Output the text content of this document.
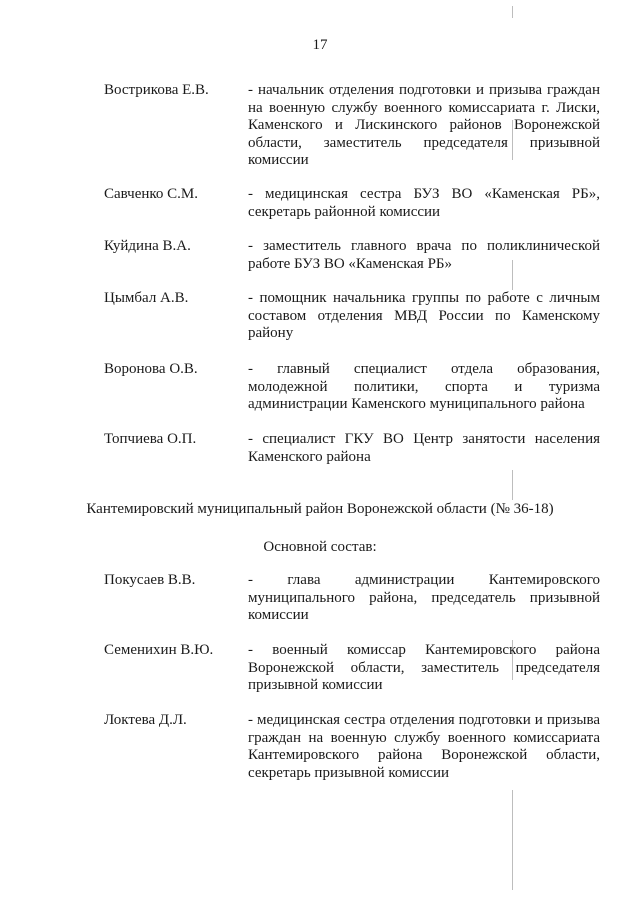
17
Вострикова Е.В.	- начальник отделения подготовки и призыва граждан на военную службу военного комиссариата г. Лиски, Каменского и Лискинского районов Воронежской области, заместитель председателя призывной комиссии
Савченко С.М.	- медицинская сестра БУЗ ВО «Каменская РБ», секретарь районной комиссии
Куйдина В.А.	- заместитель главного врача по поликлинической работе БУЗ ВО «Каменская РБ»
Цымбал А.В.	- помощник начальника группы по работе с личным составом отделения МВД России по Каменскому району
Воронова О.В.	- главный специалист отдела образования, молодежной политики, спорта и туризма администрации Каменского муниципального района
Топчиева О.П.	- специалист ГКУ ВО Центр занятости населения Каменского района
Кантемировский муниципальный район Воронежской области (№ 36-18)
Основной состав:
Покусаев В.В.	- глава администрации Кантемировского муниципального района, председатель призывной комиссии
Семенихин В.Ю. - военный комиссар Кантемировского района Воронежской области, заместитель председателя призывной комиссии
Локтева Д.Л.	- медицинская сестра отделения подготовки и призыва граждан на военную службу военного комиссариата Кантемировского района Воронежской области, секретарь призывной комиссии
